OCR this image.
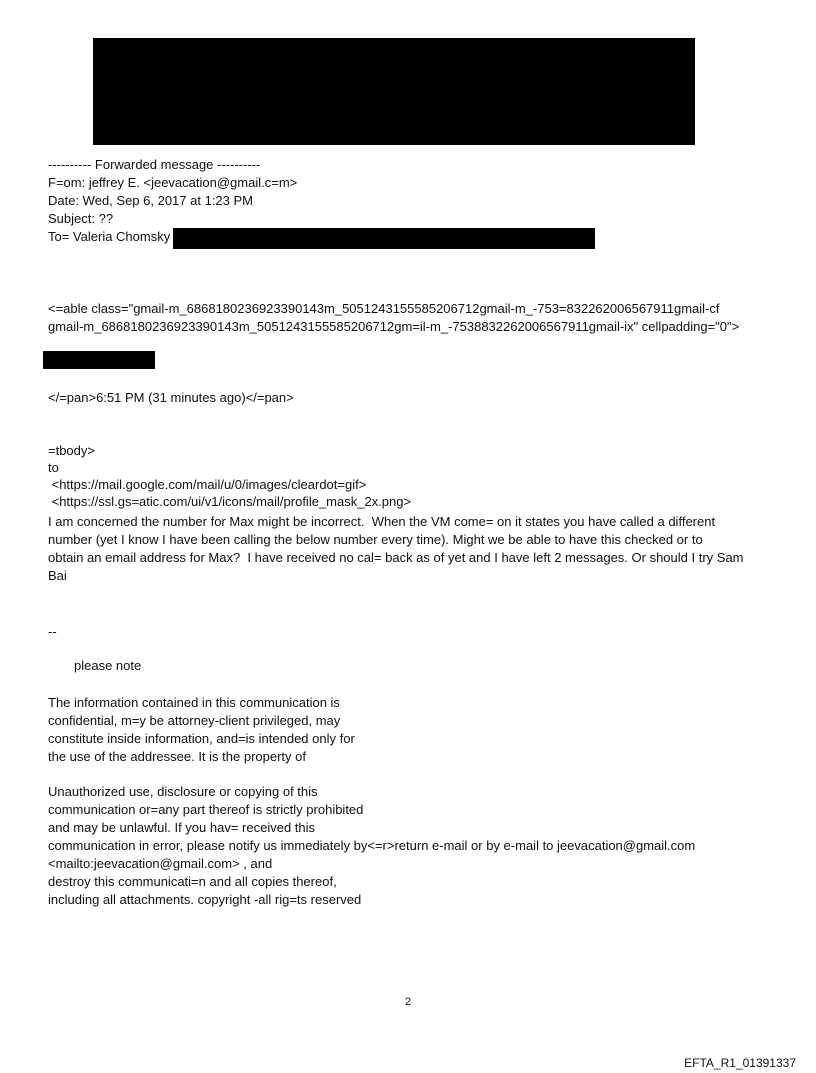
---------- Forwarded message ----------
F=om: jeffrey E. <jeevacation@gmail.c=m>
Date: Wed, Sep 6, 2017 at 1:23 PM
Subject: ??
To= Valeria Chomsky
<=able class="gmail-m_6868180236923390143m_5051243155585206712gmail-m_-753=832262006567911gmail-cf
gmail-m_6868180236923390143m_5051243155585206712gm=il-m_-7538832262006567911gmail-ix" cellpadding="0">
</=pan>6:51 PM (31 minutes ago)</=pan>
=tbody>
to
<https://mail.google.com/mail/u/0/images/cleardot=gif>
<https://ssl.gs=atic.com/ui/v1/icons/mail/profile_mask_2x.png>
I am concerned the number for Max might be incorrect.  When the VM come= on it states you have called a different
number (yet I know I have been calling the below number every time). Might we be able to have this checked or to
obtain an email address for Max?  I have received no cal= back as of yet and I have left 2 messages. Or should I try Sam
Bai
--
please note
The information contained in this communication is
confidential, m=y be attorney-client privileged, may
constitute inside information, and=is intended only for
the use of the addressee. It is the property of
Unauthorized use, disclosure or copying of this
communication or=any part thereof is strictly prohibited
and may be unlawful. If you hav= received this
communication in error, please notify us immediately by<=r>return e-mail or by e-mail to jeevacation@gmail.com
<mailto:jeevacation@gmail.com> , and
destroy this communicati=n and all copies thereof,
including all attachments. copyright -all rig=ts reserved
2
EFTA_R1_01391337
